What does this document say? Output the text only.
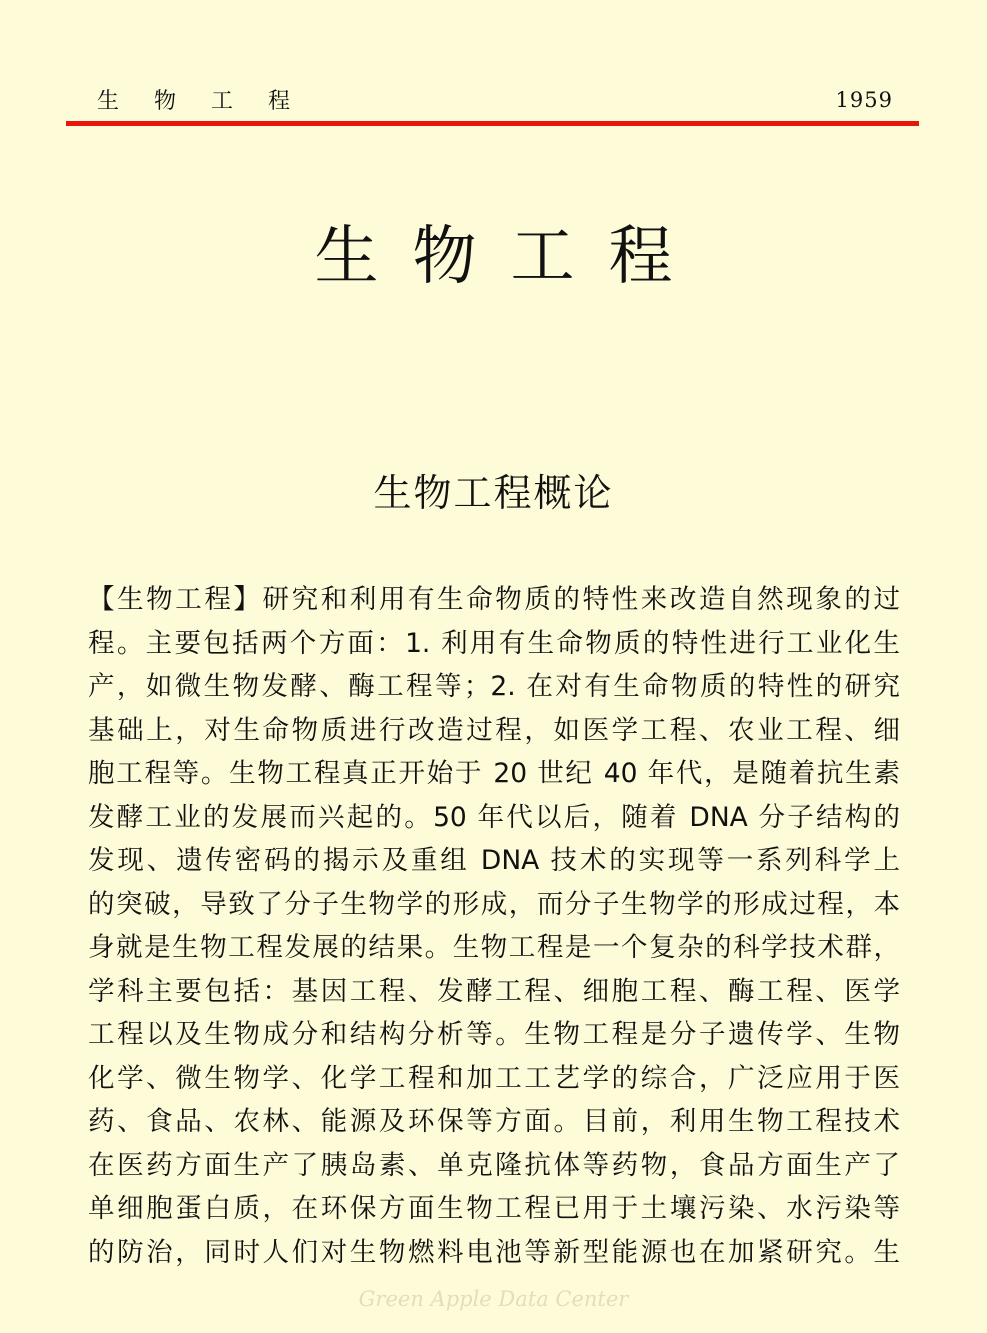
生 物 工 程	1959
生物工程
生物工程概论
【生物工程】研究和利用有生命物质的特性来改造自然现象的过
程。主要包括两个方面：1. 利用有生命物质的特性进行工业化生
产，如微生物发酵、酶工程等；2. 在对有生命物质的特性的研究
基础上，对生命物质进行改造过程，如医学工程、农业工程、细
胞工程等。生物工程真正开始于 20 世纪 40 年代，是随着抗生素
发酵工业的发展而兴起的。50 年代以后，随着 DNA 分子结构的
发现、遗传密码的揭示及重组 DNA 技术的实现等一系列科学上
的突破，导致了分子生物学的形成，而分子生物学的形成过程，本
身就是生物工程发展的结果。生物工程是一个复杂的科学技术群，
学科主要包括：基因工程、发酵工程、细胞工程、酶工程、医学
工程以及生物成分和结构分析等。生物工程是分子遗传学、生物
化学、微生物学、化学工程和加工工艺学的综合，广泛应用于医
药、食品、农林、能源及环保等方面。目前，利用生物工程技术
在医药方面生产了胰岛素、单克隆抗体等药物，食品方面生产了
单细胞蛋白质，在环保方面生物工程已用于土壤污染、水污染等
的防治，同时人们对生物燃料电池等新型能源也在加紧研究。生
Green Apple Data Center
